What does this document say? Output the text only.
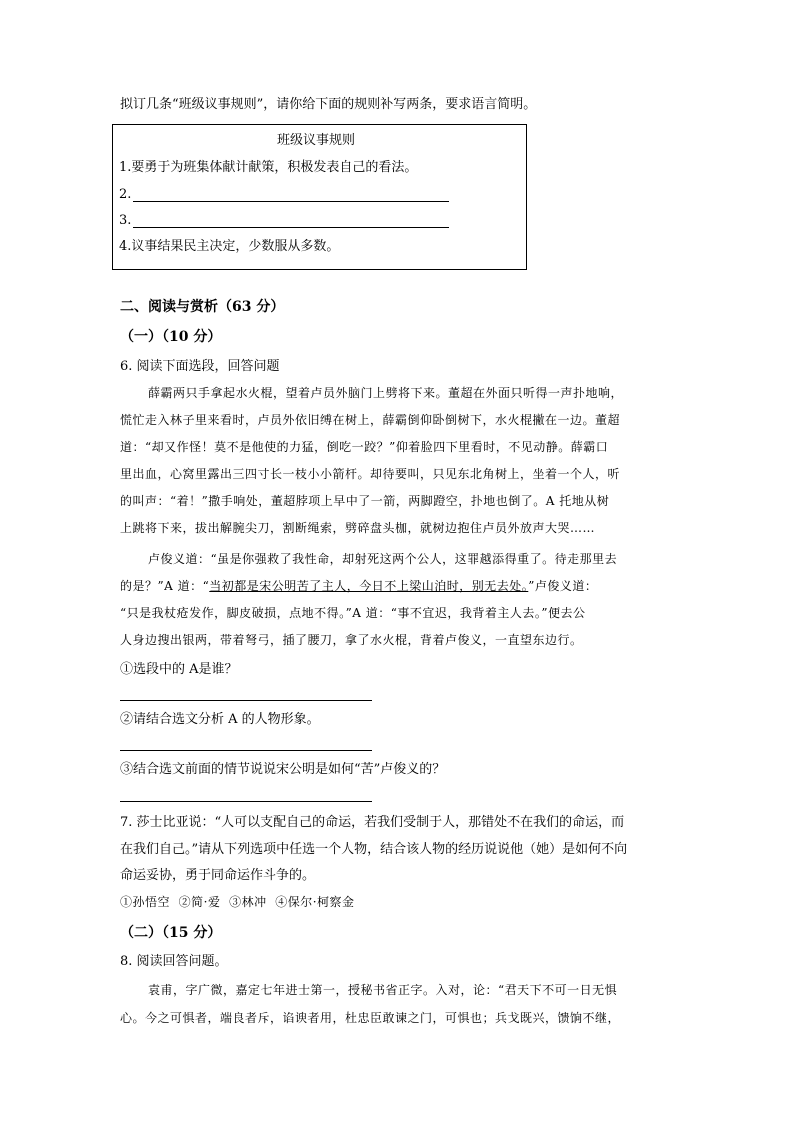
拟订几条“班级议事规则”，请你给下面的规则补写两条，要求语言简明。
班级议事规则
1.要勇于为班集体献计献策，积极发表自己的看法。
2.
3.
4.议事结果民主决定，少数服从多数。
二、阅读与赏析（63 分）
（一）（10 分）
6. 阅读下面选段，回答问题
薛霸两只手拿起水火棍，望着卢员外脑门上劈将下来。董超在外面只听得一声扑地响，
慌忙走入林子里来看时，卢员外依旧缚在树上，薛霸倒仰卧倒树下，水火棍撇在一边。董超
道：“却又作怪！莫不是他使的力猛，倒吃一跤？”仰着脸四下里看时，不见动静。薛霸口
里出血，心窝里露出三四寸长一枝小小箭杆。却待要叫，只见东北角树上，坐着一个人，听
的叫声：“着！”撒手响处，董超脖项上早中了一箭，两脚蹬空，扑地也倒了。A 托地从树
上跳将下来，拔出解腕尖刀，割断绳索，劈碎盘头枷，就树边抱住卢员外放声大哭……
卢俊义道：“虽是你强救了我性命，却射死这两个公人，这罪越添得重了。待走那里去
的是？”A 道：“当初都是宋公明苦了主人，今日不上梁山泊时，别无去处。”卢俊义道：
“只是我杖疮发作，脚皮破损，点地不得。”A 道：“事不宜迟，我背着主人去。”便去公
人身边搜出银两，带着弩弓，插了腰刀，拿了水火棍，背着卢俊义，一直望东边行。
①选段中的 A是谁？
②请结合选文分析 A 的人物形象。
③结合选文前面的情节说说宋公明是如何“苦”卢俊义的？
7. 莎士比亚说：“人可以支配自己的命运，若我们受制于人，那错处不在我们的命运，而
在我们自己。”请从下列选项中任选一个人物，结合该人物的经历说说他（她）是如何不向
命运妥协，勇于同命运作斗争的。
①孙悟空  ②简·爱  ③林冲  ④保尔·柯察金
（二）（15 分）
8. 阅读回答问题。
袁甫，字广微，嘉定七年进士第一，授秘书省正字。入对，论：“君天下不可一日无惧
心。今之可惧者，端良者斥，谄谀者用，杜忠臣敢谏之门，可惧也；兵戈既兴，馈饷不继，
